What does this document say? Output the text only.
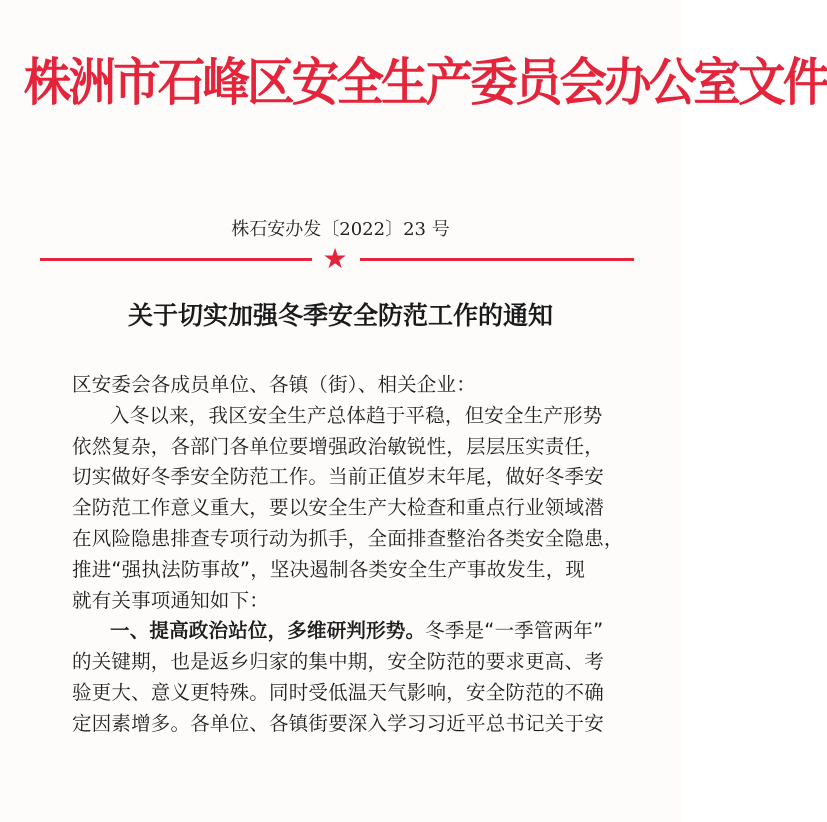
株洲市石峰区安全生产委员会办公室文件
株石安办发〔2022〕23 号
★
关于切实加强冬季安全防范工作的通知
区安委会各成员单位、各镇（街）、相关企业：
入冬以来，我区安全生产总体趋于平稳，但安全生产形势
依然复杂，各部门各单位要增强政治敏锐性，层层压实责任，
切实做好冬季安全防范工作。当前正值岁末年尾，做好冬季安
全防范工作意义重大，要以安全生产大检查和重点行业领域潜
在风险隐患排查专项行动为抓手，全面排查整治各类安全隐患，
推进“强执法防事故”，坚决遏制各类安全生产事故发生，现
就有关事项通知如下：
一、提高政治站位，多维研判形势。冬季是“一季管两年”
的关键期，也是返乡归家的集中期，安全防范的要求更高、考
验更大、意义更特殊。同时受低温天气影响，安全防范的不确
定因素增多。各单位、各镇街要深入学习习近平总书记关于安
